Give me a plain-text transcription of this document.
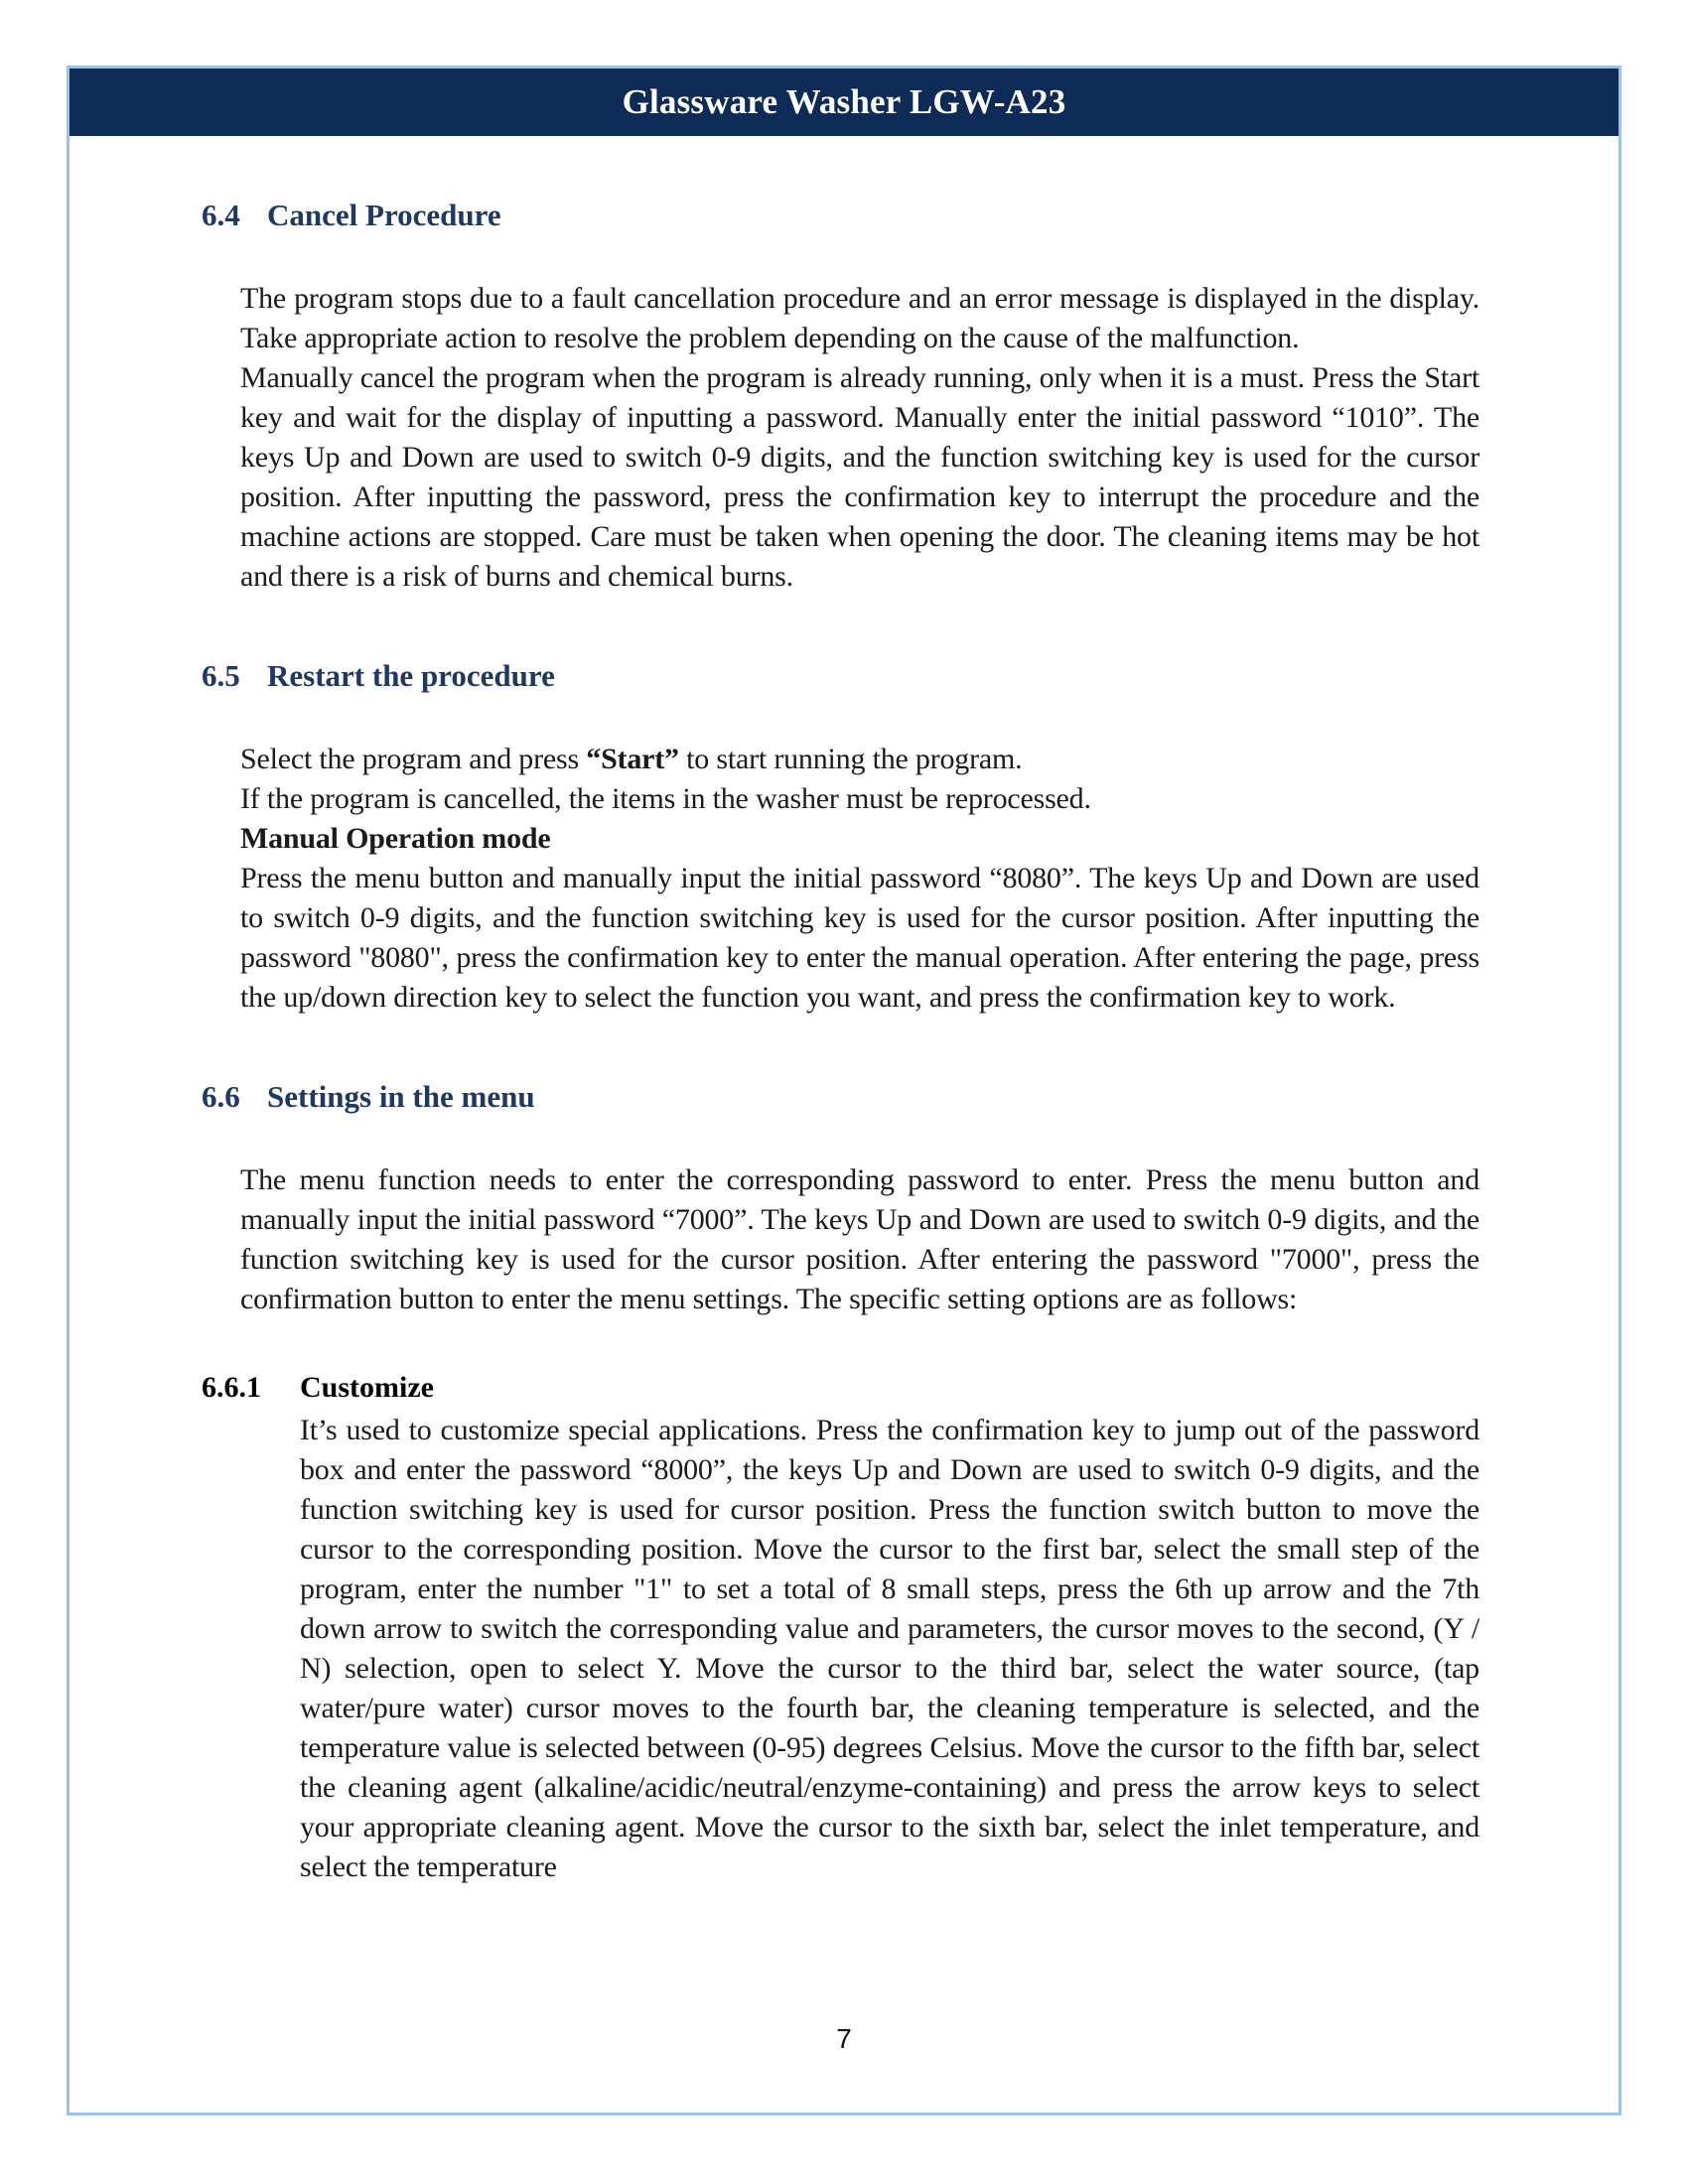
Glassware Washer LGW-A23
6.4 Cancel Procedure

The program stops due to a fault cancellation procedure and an error message is displayed in the display. Take appropriate action to resolve the problem depending on the cause of the malfunction.

Manually cancel the program when the program is already running, only when it is a must. Press the Start key and wait for the display of inputting a password. Manually enter the initial password “1010”. The keys Up and Down are used to switch 0-9 digits, and the function switching key is used for the cursor position. After inputting the password, press the confirmation key to interrupt the procedure and the machine actions are stopped. Care must be taken when opening the door. The cleaning items may be hot and there is a risk of burns and chemical burns.

6.5 Restart the procedure

Select the program and press “Start” to start running the program.

If the program is cancelled, the items in the washer must be reprocessed.

Manual Operation mode

Press the menu button and manually input the initial password “8080”. The keys Up and Down are used to switch 0-9 digits, and the function switching key is used for the cursor position. After inputting the password "8080", press the confirmation key to enter the manual operation. After entering the page, press the up/down direction key to select the function you want, and press the confirmation key to work.

6.6 Settings in the menu

The menu function needs to enter the corresponding password to enter. Press the menu button and manually input the initial password “7000”. The keys Up and Down are used to switch 0-9 digits, and the function switching key is used for the cursor position. After entering the password "7000", press the confirmation button to enter the menu settings. The specific setting options are as follows:

6.6.1 Customize

It’s used to customize special applications. Press the confirmation key to jump out of the password box and enter the password “8000”, the keys Up and Down are used to switch 0-9 digits, and the function switching key is used for cursor position. Press the function switch button to move the cursor to the corresponding position. Move the cursor to the first bar, select the small step of the program, enter the number "1" to set a total of 8 small steps, press the 6th up arrow and the 7th down arrow to switch the corresponding value and parameters, the cursor moves to the second, (Y / N) selection, open to select Y. Move the cursor to the third bar, select the water source, (tap water/pure water) cursor moves to the fourth bar, the cleaning temperature is selected, and the temperature value is selected between (0-95) degrees Celsius. Move the cursor to the fifth bar, select the cleaning agent (alkaline/acidic/neutral/enzyme-containing) and press the arrow keys to select your appropriate cleaning agent. Move the cursor to the sixth bar, select the inlet temperature, and select the temperature

7
